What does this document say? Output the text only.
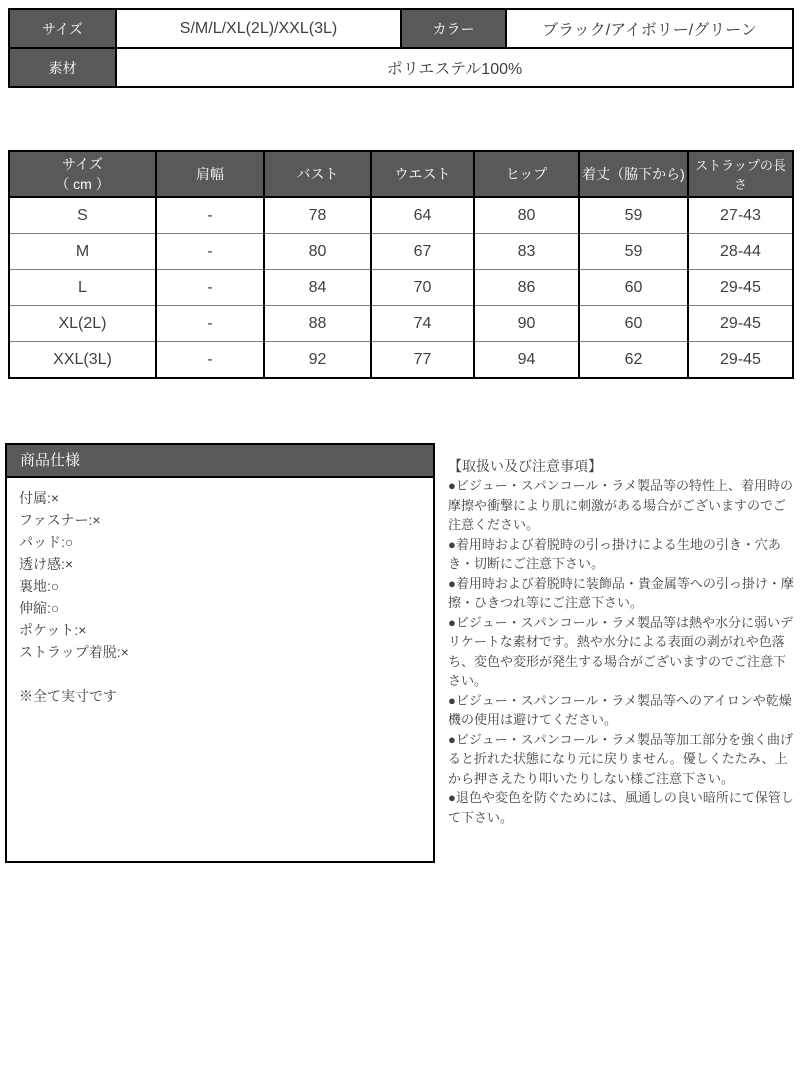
サイズ	S/M/L/XL(2L)/XXL(3L)	カラー	ブラック/アイボリー/グリーン
素材	ポリエステル100%		
サイズ
（ cm ）	肩幅	バスト	ウエスト	ヒップ	着丈（脇下から)	ストラップの長さ
S	-	78	64	80	59	27-43
M	-	80	67	83	59	28-44
L	-	84	70	86	60	29-45
XL(2L)	-	88	74	90	60	29-45
XXL(3L)	-	92	77	94	62	29-45
商品仕様
付属:×
ファスナー:×
パッド:○
透け感:×
裏地:○
伸縮:○
ポケット:×
ストラップ着脱:×
※全て実寸です
【取扱い及び注意事項】

●ビジュー・スパンコール・ラメ製品等の特性上、着用時の摩擦や衝撃により肌に刺激がある場合がございますのでご注意ください。

●着用時および着脱時の引っ掛けによる生地の引き・穴あき・切断にご注意下さい。

●着用時および着脱時に装飾品・貴金属等への引っ掛け・摩擦・ひきつれ等にご注意下さい。

●ビジュー・スパンコール・ラメ製品等は熱や水分に弱いデリケートな素材です。熱や水分による表面の剥がれや色落ち、変色や変形が発生する場合がございますのでご注意下さい。

●ビジュー・スパンコール・ラメ製品等へのアイロンや乾燥機の使用は避けてください。

●ビジュー・スパンコール・ラメ製品等加工部分を強く曲げると折れた状態になり元に戻りません。優しくたたみ、上から押さえたり叩いたりしない様ご注意下さい。

●退色や変色を防ぐためには、風通しの良い暗所にて保管して下さい。
